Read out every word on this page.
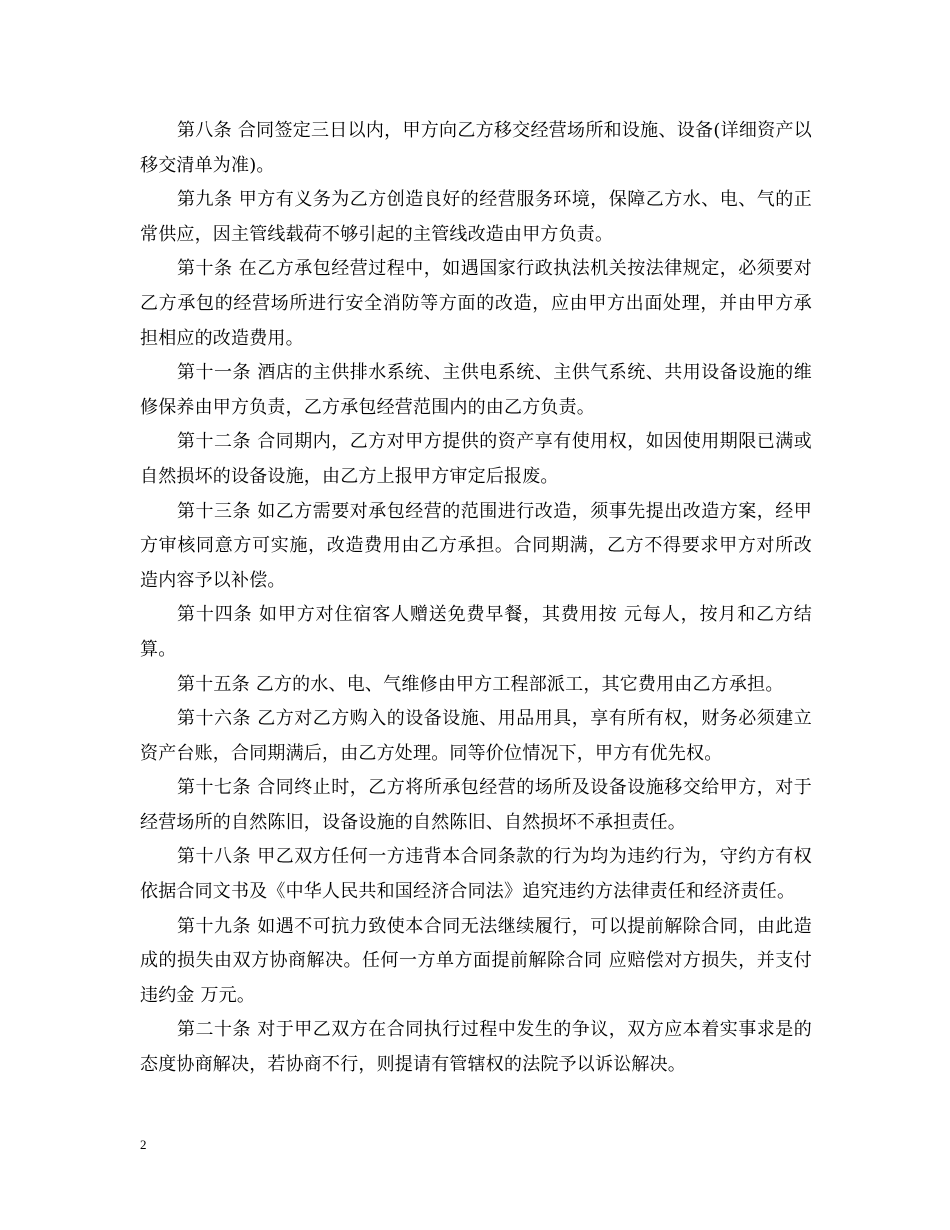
第八条 合同签定三日以内，甲方向乙方移交经营场所和设施、设备(详细资产以移交清单为准)。

第九条 甲方有义务为乙方创造良好的经营服务环境，保障乙方水、电、气的正常供应，因主管线载荷不够引起的主管线改造由甲方负责。

第十条 在乙方承包经营过程中，如遇国家行政执法机关按法律规定，必须要对乙方承包的经营场所进行安全消防等方面的改造，应由甲方出面处理，并由甲方承担相应的改造费用。

第十一条 酒店的主供排水系统、主供电系统、主供气系统、共用设备设施的维修保养由甲方负责，乙方承包经营范围内的由乙方负责。

第十二条 合同期内，乙方对甲方提供的资产享有使用权，如因使用期限已满或自然损坏的设备设施，由乙方上报甲方审定后报废。

第十三条 如乙方需要对承包经营的范围进行改造，须事先提出改造方案，经甲方审核同意方可实施，改造费用由乙方承担。合同期满，乙方不得要求甲方对所改造内容予以补偿。

第十四条 如甲方对住宿客人赠送免费早餐，其费用按 元每人，按月和乙方结算。

第十五条 乙方的水、电、气维修由甲方工程部派工，其它费用由乙方承担。

第十六条 乙方对乙方购入的设备设施、用品用具，享有所有权，财务必须建立资产台账，合同期满后，由乙方处理。同等价位情况下，甲方有优先权。

第十七条 合同终止时，乙方将所承包经营的场所及设备设施移交给甲方，对于经营场所的自然陈旧，设备设施的自然陈旧、自然损坏不承担责任。

第十八条 甲乙双方任何一方违背本合同条款的行为均为违约行为，守约方有权依据合同文书及《中华人民共和国经济合同法》追究违约方法律责任和经济责任。

第十九条 如遇不可抗力致使本合同无法继续履行，可以提前解除合同，由此造成的损失由双方协商解决。任何一方单方面提前解除合同 应赔偿对方损失，并支付违约金 万元。

第二十条 对于甲乙双方在合同执行过程中发生的争议，双方应本着实事求是的态度协商解决，若协商不行，则提请有管辖权的法院予以诉讼解决。

2
